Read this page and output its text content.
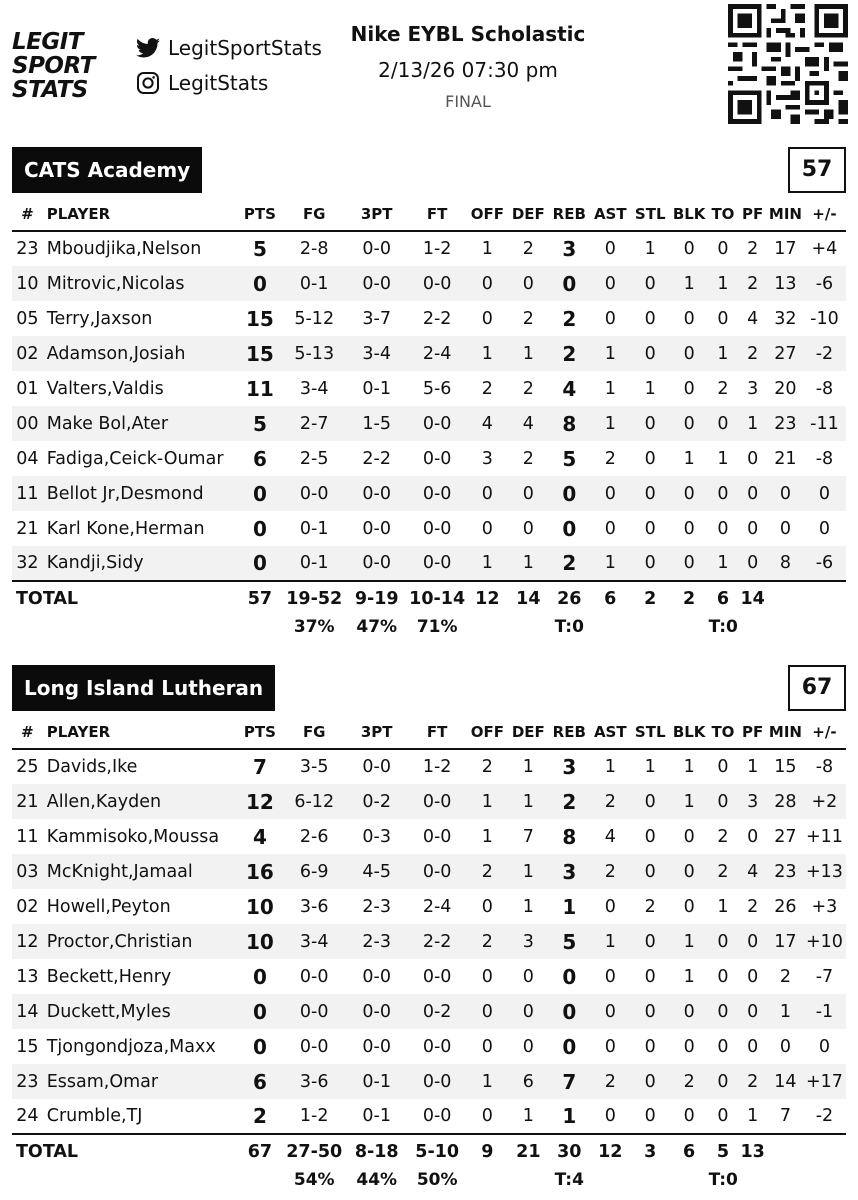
LEGIT
SPORT
STATS
LegitSportStats
LegitStats
Nike EYBL Scholastic
2/13/26 07:30 pm
FINAL
CATS Academy	57
#	PLAYER	PTS	FG	3PT	FT	OFF	DEF	REB	AST	STL	BLK	TO	PF	MIN	+/-
23	Mboudjika,Nelson	5	2-8	0-0	1-2	1	2	3	0	1	0	0	2	17	+4
10	Mitrovic,Nicolas	0	0-1	0-0	0-0	0	0	0	0	0	1	1	2	13	-6
05	Terry,Jaxson	15	5-12	3-7	2-2	0	2	2	0	0	0	0	4	32	-10
02	Adamson,Josiah	15	5-13	3-4	2-4	1	1	2	1	0	0	1	2	27	-2
01	Valters,Valdis	11	3-4	0-1	5-6	2	2	4	1	1	0	2	3	20	-8
00	Make Bol,Ater	5	2-7	1-5	0-0	4	4	8	1	0	0	0	1	23	-11
04	Fadiga,Ceick-Oumar	6	2-5	2-2	0-0	3	2	5	2	0	1	1	0	21	-8
11	Bellot Jr,Desmond	0	0-0	0-0	0-0	0	0	0	0	0	0	0	0	0	0
21	Karl Kone,Herman	0	0-1	0-0	0-0	0	0	0	0	0	0	0	0	0	0
32	Kandji,Sidy	0	0-1	0-0	0-0	1	1	2	1	0	0	1	0	8	-6
TOTAL		57	19-52	9-19	10-14	12	14	26	6	2	2	6	14		
			37%	47%	71%			T:0				T:0			
Long Island Lutheran	67
#	PLAYER	PTS	FG	3PT	FT	OFF	DEF	REB	AST	STL	BLK	TO	PF	MIN	+/-
25	Davids,Ike	7	3-5	0-0	1-2	2	1	3	1	1	1	0	1	15	-8
21	Allen,Kayden	12	6-12	0-2	0-0	1	1	2	2	0	1	0	3	28	+2
11	Kammisoko,Moussa	4	2-6	0-3	0-0	1	7	8	4	0	0	2	0	27	+11
03	McKnight,Jamaal	16	6-9	4-5	0-0	2	1	3	2	0	0	2	4	23	+13
02	Howell,Peyton	10	3-6	2-3	2-4	0	1	1	0	2	0	1	2	26	+3
12	Proctor,Christian	10	3-4	2-3	2-2	2	3	5	1	0	1	0	0	17	+10
13	Beckett,Henry	0	0-0	0-0	0-0	0	0	0	0	0	1	0	0	2	-7
14	Duckett,Myles	0	0-0	0-0	0-2	0	0	0	0	0	0	0	0	1	-1
15	Tjongondjoza,Maxx	0	0-0	0-0	0-0	0	0	0	0	0	0	0	0	0	0
23	Essam,Omar	6	3-6	0-1	0-0	1	6	7	2	0	2	0	2	14	+17
24	Crumble,TJ	2	1-2	0-1	0-0	0	1	1	0	0	0	0	1	7	-2
TOTAL		67	27-50	8-18	5-10	9	21	30	12	3	6	5	13		
			54%	44%	50%			T:4				T:0			
